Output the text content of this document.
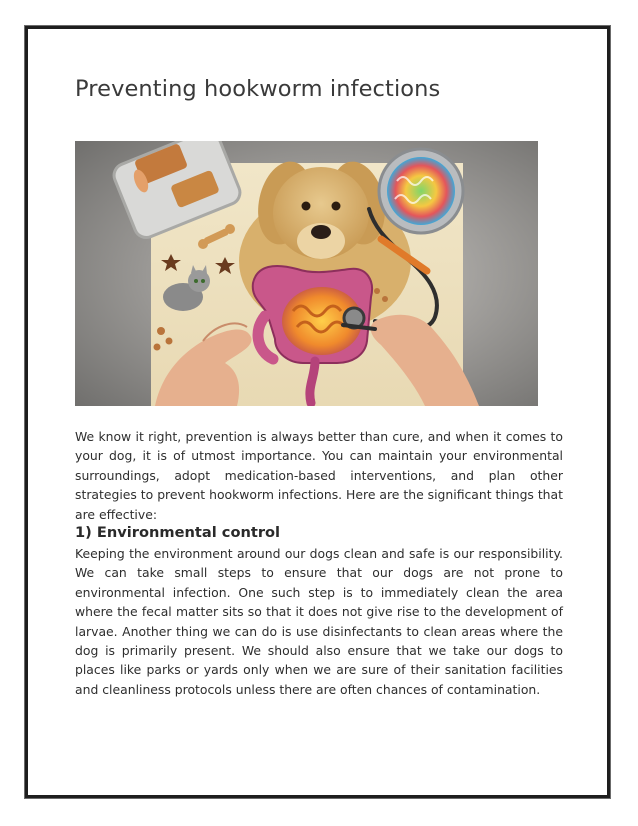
Preventing hookworm infections

We know it right, prevention is always better than cure, and when it comes to your dog, it is of utmost importance. You can maintain your environmental surroundings, adopt medication-based interventions, and plan other strategies to prevent hookworm infections. Here are the significant things that are effective:

1) Environmental control

Keeping the environment around our dogs clean and safe is our responsibility. We can take small steps to ensure that our dogs are not prone to environmental infection. One such step is to immediately clean the area where the fecal matter sits so that it does not give rise to the development of larvae. Another thing we can do is use disinfectants to clean areas where the dog is primarily present. We should also ensure that we take our dogs to places like parks or yards only when we are sure of their sanitation facilities and cleanliness protocols unless there are often chances of contamination.
